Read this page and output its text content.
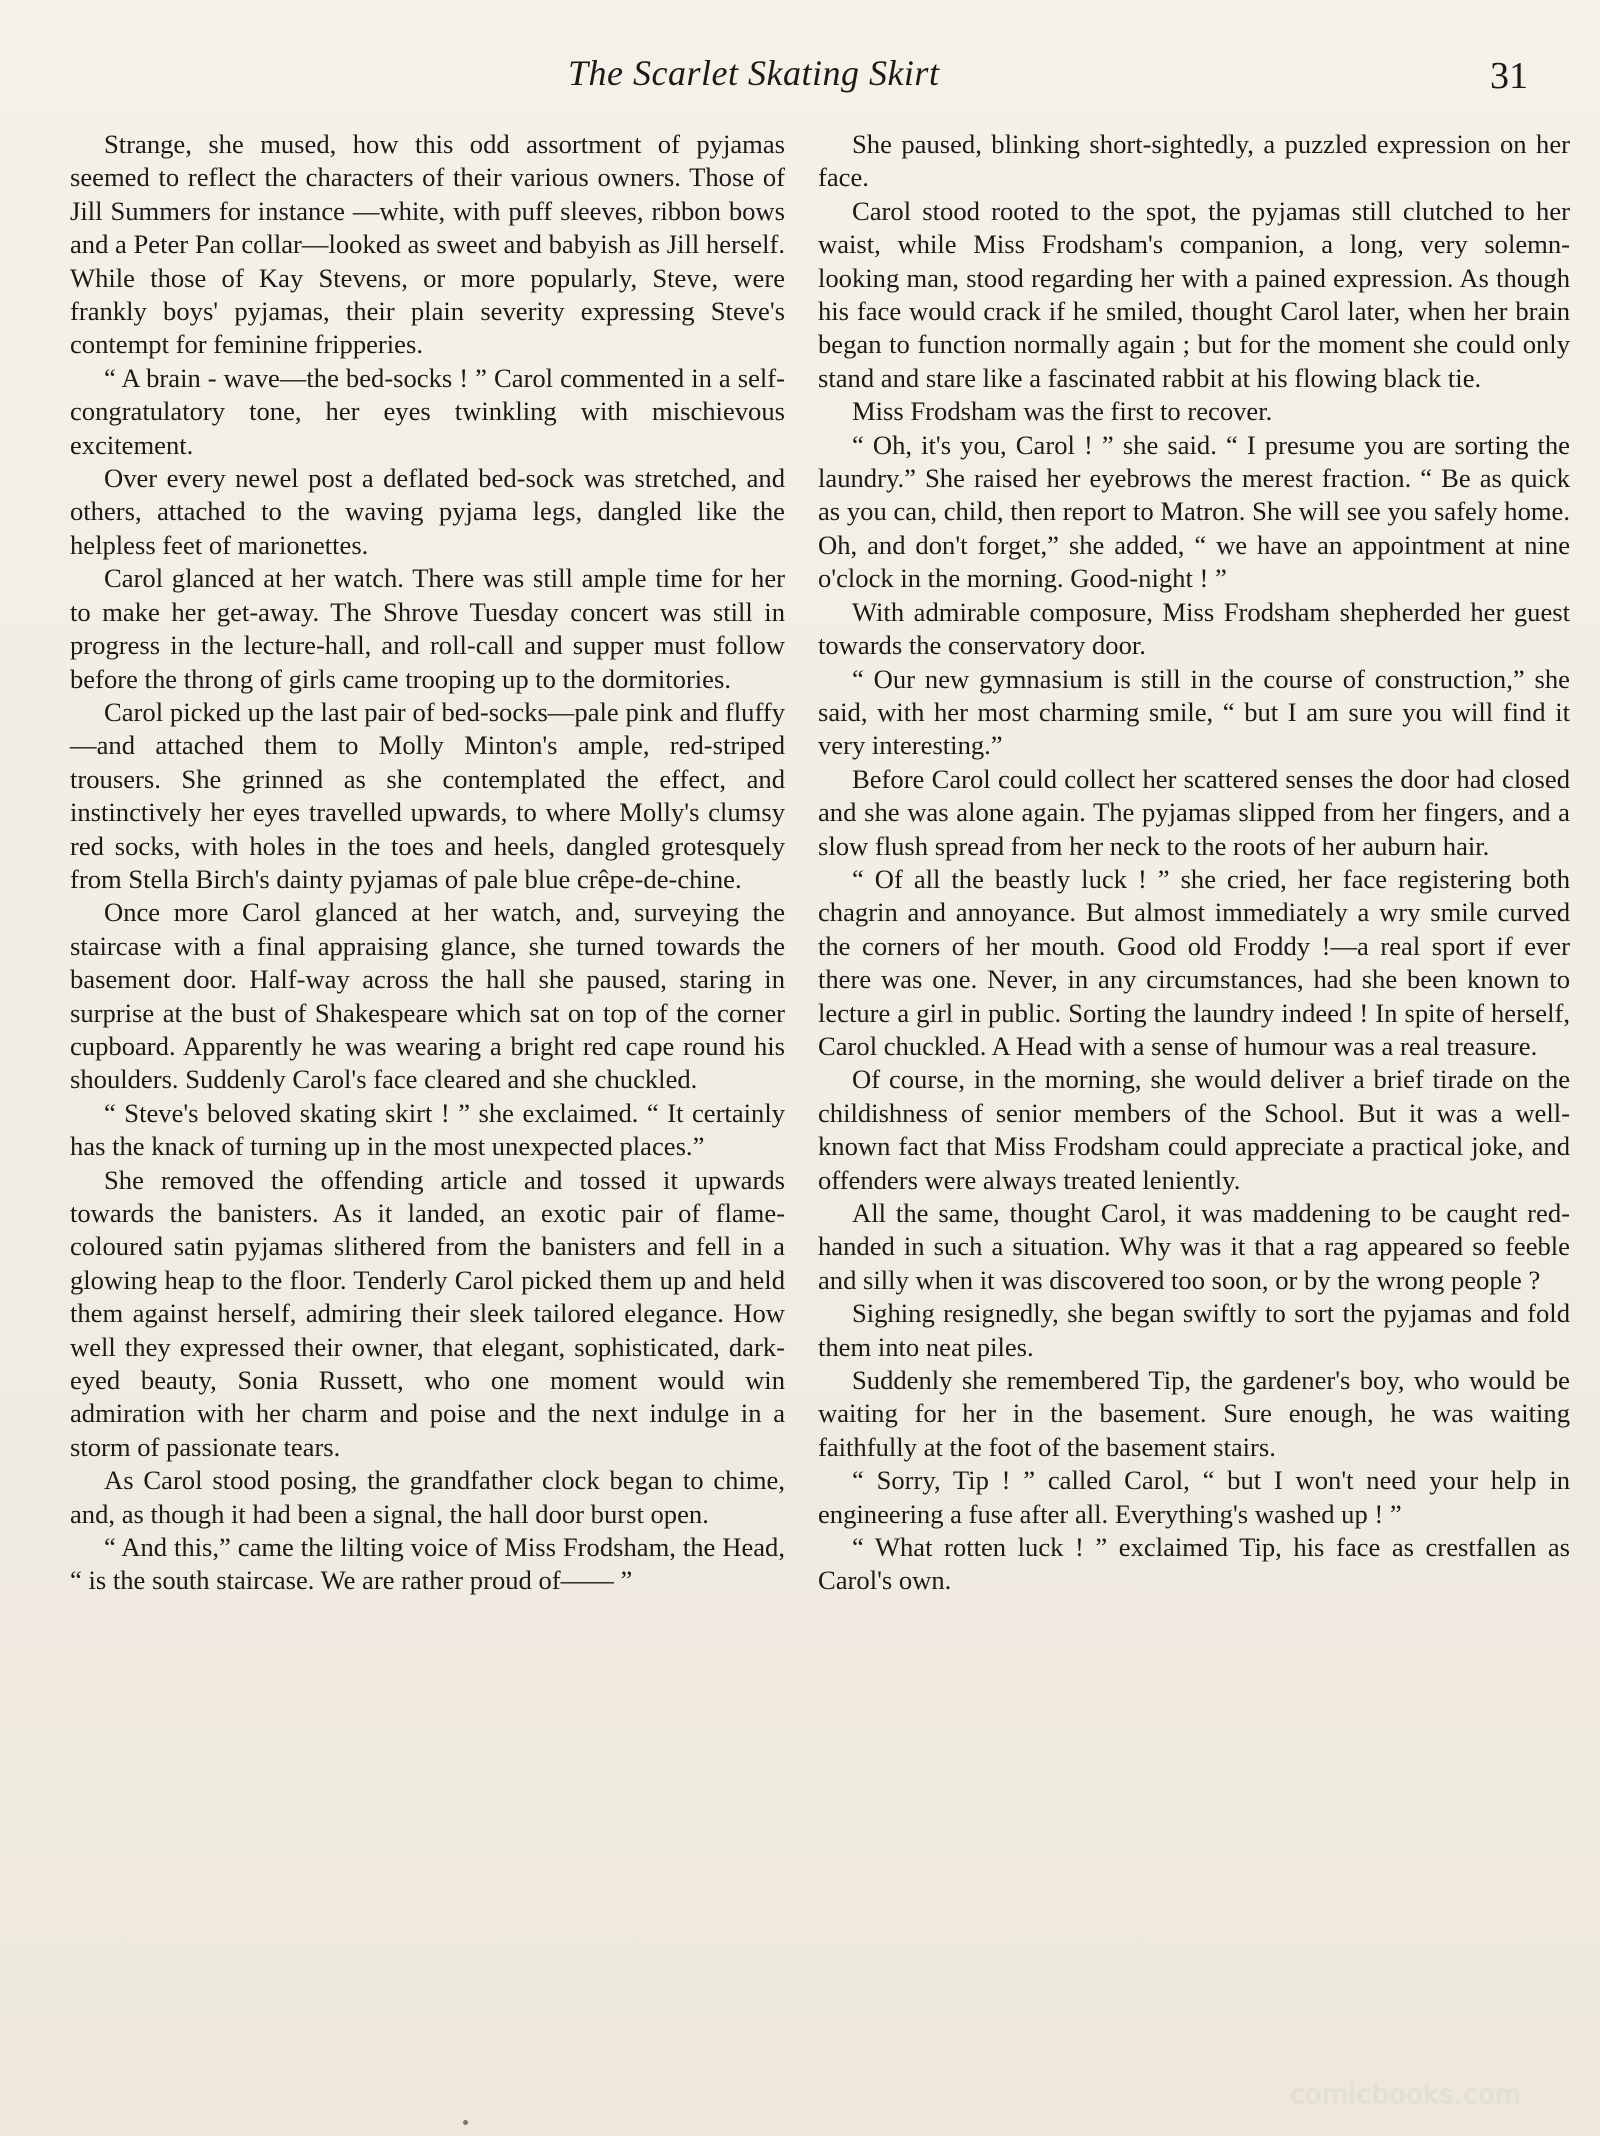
The Scarlet Skating Skirt	31

Strange, she mused, how this odd assortment of pyjamas seemed to reflect the characters of their various owners. Those of Jill Summers for instance —white, with puff sleeves, ribbon bows and a Peter Pan collar—looked as sweet and babyish as Jill herself. While those of Kay Stevens, or more popularly, Steve, were frankly boys' pyjamas, their plain severity expressing Steve's contempt for feminine fripperies.

“ A brain - wave—the bed-socks ! ” Carol commented in a self-congratulatory tone, her eyes twinkling with mischievous excitement.

Over every newel post a deflated bed-sock was stretched, and others, attached to the waving pyjama legs, dangled like the helpless feet of marionettes.

Carol glanced at her watch. There was still ample time for her to make her get-away. The Shrove Tuesday concert was still in progress in the lecture-hall, and roll-call and supper must follow before the throng of girls came trooping up to the dormitories.

Carol picked up the last pair of bed-socks—pale pink and fluffy—and attached them to Molly Minton's ample, red-striped trousers. She grinned as she contemplated the effect, and instinctively her eyes travelled upwards, to where Molly's clumsy red socks, with holes in the toes and heels, dangled grotesquely from Stella Birch's dainty pyjamas of pale blue crêpe-de-chine.

Once more Carol glanced at her watch, and, surveying the staircase with a final appraising glance, she turned towards the basement door. Half-way across the hall she paused, staring in surprise at the bust of Shakespeare which sat on top of the corner cupboard. Apparently he was wearing a bright red cape round his shoulders. Suddenly Carol's face cleared and she chuckled.

“ Steve's beloved skating skirt ! ” she exclaimed. “ It certainly has the knack of turning up in the most unexpected places.”

She removed the offending article and tossed it upwards towards the banisters. As it landed, an exotic pair of flame-coloured satin pyjamas slithered from the banisters and fell in a glowing heap to the floor. Tenderly Carol picked them up and held them against herself, admiring their sleek tailored elegance. How well they expressed their owner, that elegant, sophisticated, dark-eyed beauty, Sonia Russett, who one moment would win admiration with her charm and poise and the next indulge in a storm of passionate tears.

As Carol stood posing, the grandfather clock began to chime, and, as though it had been a signal, the hall door burst open.

“ And this,” came the lilting voice of Miss Frodsham, the Head, “ is the south staircase. We are rather proud of—— ”

She paused, blinking short-sightedly, a puzzled expression on her face.

Carol stood rooted to the spot, the pyjamas still clutched to her waist, while Miss Frodsham's companion, a long, very solemn-looking man, stood regarding her with a pained expression. As though his face would crack if he smiled, thought Carol later, when her brain began to function normally again ; but for the moment she could only stand and stare like a fascinated rabbit at his flowing black tie.

Miss Frodsham was the first to recover.

“ Oh, it's you, Carol ! ” she said. “ I presume you are sorting the laundry.” She raised her eyebrows the merest fraction. “ Be as quick as you can, child, then report to Matron. She will see you safely home. Oh, and don't forget,” she added, “ we have an appointment at nine o'clock in the morning. Good-night ! ”

With admirable composure, Miss Frodsham shepherded her guest towards the conservatory door.

“ Our new gymnasium is still in the course of construction,” she said, with her most charming smile, “ but I am sure you will find it very interesting.”

Before Carol could collect her scattered senses the door had closed and she was alone again. The pyjamas slipped from her fingers, and a slow flush spread from her neck to the roots of her auburn hair.

“ Of all the beastly luck ! ” she cried, her face registering both chagrin and annoyance. But almost immediately a wry smile curved the corners of her mouth. Good old Froddy !—a real sport if ever there was one. Never, in any circumstances, had she been known to lecture a girl in public. Sorting the laundry indeed ! In spite of herself, Carol chuckled. A Head with a sense of humour was a real treasure.

Of course, in the morning, she would deliver a brief tirade on the childishness of senior members of the School. But it was a well-known fact that Miss Frodsham could appreciate a practical joke, and offenders were always treated leniently.

All the same, thought Carol, it was maddening to be caught red-handed in such a situation. Why was it that a rag appeared so feeble and silly when it was discovered too soon, or by the wrong people ?

Sighing resignedly, she began swiftly to sort the pyjamas and fold them into neat piles.

Suddenly she remembered Tip, the gardener's boy, who would be waiting for her in the basement. Sure enough, he was waiting faithfully at the foot of the basement stairs.

“ Sorry, Tip ! ” called Carol, “ but I won't need your help in engineering a fuse after all. Everything's washed up ! ”

“ What rotten luck ! ” exclaimed Tip, his face as crestfallen as Carol's own.

comicbooks.com
